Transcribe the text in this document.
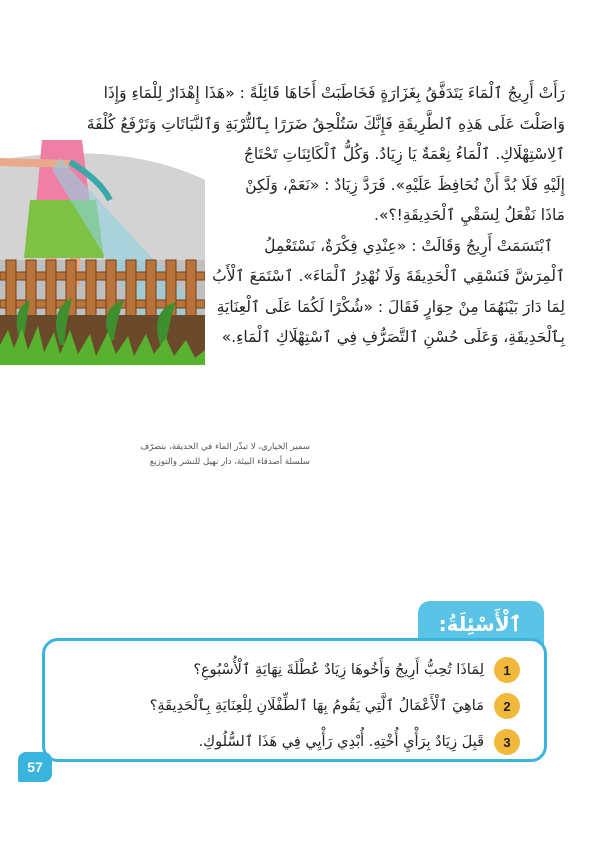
رَأَتْ أَرِيجُ ٱلْمَاءَ يَتَدَفَّقُ بِغَزَارَةٍ فَخَاطَبَتْ أَخَاهَا قَائِلَةً : «هَذَا إِهْدَارٌ لِلْمَاءِ وَإِذَا

وَاصَلْتَ عَلَى هَذِهِ ٱلطَّرِيقَةِ فَإِنَّكَ سَتُلْحِقُ ضَرَرًا بِٱلتُّرْبَةِ وَٱلنَّبَاتَاتِ وَتَرْفَعُ كُلْفَةَ

ٱلِاسْتِهْلَاكِ. ٱلْمَاءُ نِعْمَةٌ يَا زِيَادُ. وَكُلُّ ٱلْكَائِنَاتِ تَحْتَاجُ

إِلَيْهِ فَلَا بُدَّ أَنْ نُحَافِظَ عَلَيْهِ». فَرَدَّ زِيَادٌ : «نَعَمْ، وَلَكِنْ

مَاذَا نَفْعَلُ لِسَقْيِ ٱلْحَدِيقَةِ!؟».

ٱبْتَسَمَتْ أَرِيجُ وَقَالَتْ : «عِنْدِي فِكْرَةٌ، نَسْتَعْمِلُ

ٱلْمِرَشَّ فَنَسْقِي ٱلْحَدِيقَةَ وَلَا نُهْدِرُ ٱلْمَاءَ». ٱسْتَمَعَ ٱلْأَبُ

لِمَا دَارَ بَيْنَهُمَا مِنْ حِوَارٍ فَقَالَ : «شُكْرًا لَكُمَا عَلَى ٱلْعِنَايَةِ

بِٱلْحَدِيقَةِ، وَعَلَى حُسْنِ ٱلتَّصَرُّفِ فِي ٱسْتِهْلَاكِ ٱلْمَاءِ.»

سمير الخياري، لا تبذّر الماء في الحديقة، بتصرّف
سلسلة أصدقاء البيئة، دار نهيل للنشر والتوزيع
ٱلْأَسْئِلَةُ:
1
لِمَاذَا تُحِبُّ أَرِيجُ وَأَخُوهَا زِيَادٌ عُطْلَةَ نِهَايَةِ ٱلْأُسْبُوعِ؟
2
مَاهِيَ ٱلْأَعْمَالُ ٱلَّتِي يَقُومُ بِهَا ٱلطِّفْلَانِ لِلْعِنَايَةِ بِٱلْحَدِيقَةِ؟
3
قَبِلَ زِيَادٌ بِرَأْيِ أُخْتِهِ. أُبْدِي رَأْيِي فِي هَذَا ٱلسُّلُوكِ.
57
